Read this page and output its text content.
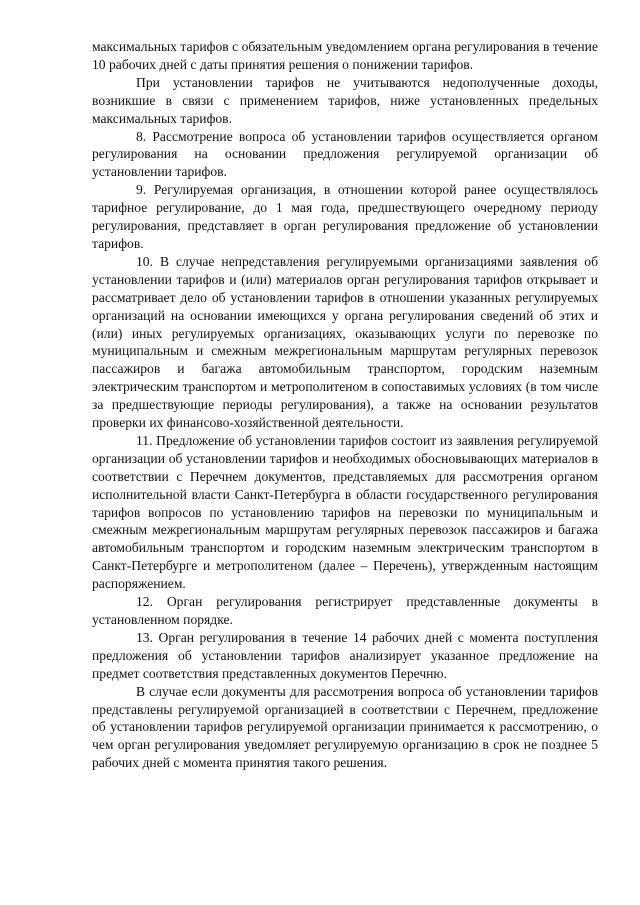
максимальных тарифов с обязательным уведомлением органа регулирования в течение 10 рабочих дней с даты принятия решения о понижении тарифов.

При установлении тарифов не учитываются недополученные доходы, возникшие в связи с применением тарифов, ниже установленных предельных максимальных тарифов.

8. Рассмотрение вопроса об установлении тарифов осуществляется органом регулирования на основании предложения регулируемой организации об установлении тарифов.

9. Регулируемая организация, в отношении которой ранее осуществлялось тарифное регулирование, до 1 мая года, предшествующего очередному периоду регулирования, представляет в орган регулирования предложение об установлении тарифов.

10. В случае непредставления регулируемыми организациями заявления об установлении тарифов и (или) материалов орган регулирования тарифов открывает и рассматривает дело об установлении тарифов в отношении указанных регулируемых организаций на основании имеющихся у органа регулирования сведений об этих и (или) иных регулируемых организациях, оказывающих услуги по перевозке по муниципальным и смежным межрегиональным маршрутам регулярных перевозок пассажиров и багажа автомобильным транспортом, городским наземным электрическим транспортом и метрополитеном в сопоставимых условиях (в том числе за предшествующие периоды регулирования), а также на основании результатов проверки их финансово-хозяйственной деятельности.

11. Предложение об установлении тарифов состоит из заявления регулируемой организации об установлении тарифов и необходимых обосновывающих материалов в соответствии с Перечнем документов, представляемых для рассмотрения органом исполнительной власти Санкт-Петербурга в области государственного регулирования тарифов вопросов по установлению тарифов на перевозки по муниципальным и смежным межрегиональным маршрутам регулярных перевозок пассажиров и багажа автомобильным транспортом и городским наземным электрическим транспортом в Санкт-Петербурге и метрополитеном (далее – Перечень), утвержденным настоящим распоряжением.

12. Орган регулирования регистрирует представленные документы в установленном порядке.

13. Орган регулирования в течение 14 рабочих дней с момента поступления предложения об установлении тарифов анализирует указанное предложение на предмет соответствия представленных документов Перечню.

В случае если документы для рассмотрения вопроса об установлении тарифов представлены регулируемой организацией в соответствии с Перечнем, предложение об установлении тарифов регулируемой организации принимается к рассмотрению, о чем орган регулирования уведомляет регулируемую организацию в срок не позднее 5 рабочих дней с момента принятия такого решения.
